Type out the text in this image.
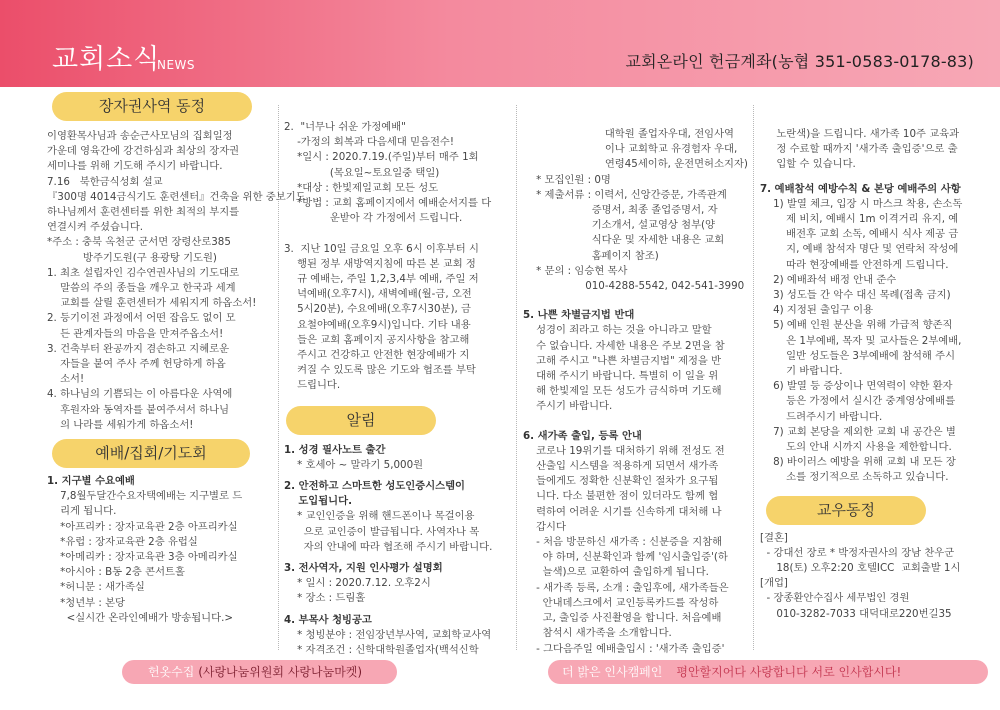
교회소식
NEWS	교회온라인 헌금계좌(농협 351-0583-0178-83)
장자권사역 동정
이영환목사님과 송순근사모님의 집회일정
가운데 영육간에 강건하심과 최상의 장자권
세미나를 위해 기도해 주시기 바랍니다.
7.16   북한금식성회 설교
『300명 4014금식기도 훈련센터』건축을 위한 중보기도
하나님께서 훈련센터를 위한 최적의 부지를
연결시켜 주셨습니다.
*주소 : 충북 옥천군 군서면 장령산로385
방주기도원(구 용광탕 기도원)
1. 최초 설립자인 김수연권사님의 기도대로
말씀의 주의 종들을 깨우고 한국과 세계
교회를 살릴 훈련센터가 세워지게 하옵소서!
2. 등기이전 과정에서 어떤 잡음도 없이 모
든 관계자들의 마음을 만져주옵소서!
3. 건축부터 완공까지 겸손하고 지혜로운
자들을 붙여 주사 주께 헌당하게 하옵
소서!
4. 하나님의 기쁨되는 이 아름다운 사역에
후원자와 동역자를 붙여주셔서 하나님
의 나라를 세워가게 하옵소서!
예배/집회/기도회
1. 지구별 수요예배
7,8월두달간수요자택예배는 지구별로 드
리게 됩니다.
*아프리카 : 장자교육관 2층 아프리카실
*유럽 : 장자교육관 2층 유럽실
*아메리카 : 장자교육관 3층 아메리카실
*아시아 : B동 2층 콘서트홀
*허니문 : 새가족실
*청년부 : 본당
<실시간 온라인예배가 방송됩니다.>
2.  "너무나 쉬운 가정예배"
-가정의 회복과 다음세대 믿음전수!
*일시 : 2020.7.19.(주일)부터 매주 1회
(목요일~토요일중 택일)
*대상 : 한빛제일교회 모든 성도
*방법 : 교회 홈페이지에서 예배순서지를 다
운받아 각 가정에서 드립니다.
3.  지난 10일 금요일 오후 6시 이후부터 시
행된 정부 새방역지침에 따른 본 교회 정
규 예배는, 주일 1,2,3,4부 예배, 주일 저
녁예배(오후7시), 새벽예배(월-금, 오전
5시20분), 수요예배(오후7시30분), 금
요철야예배(오후9시)입니다. 기타 내용
들은 교회 홈페이지 공지사항을 참고해
주시고 건강하고 안전한 현장예배가 지
켜질 수 있도록 많은 기도와 협조를 부탁
드립니다.
알림
1. 성경 필사노트 출간
* 호세아 ~ 말라기 5,000원
2. 안전하고 스마트한 성도인증시스템이
도입됩니다.
* 교인인증을 위해 핸드폰이나 목걸이용
으로 교인증이 발급됩니다. 사역자나 목
자의 안내에 따라 협조해 주시기 바랍니다.
3. 전사역자, 지원 인사평가 설명회
* 일시 : 2020.7.12. 오후2시
* 장소 : 드림홀
4. 부목사 청빙공고
* 청빙분야 : 전임장년부사역, 교회학교사역
* 자격조건 : 신학대학원졸업자(백석신학
대학원 졸업자우대, 전임사역
이나 교회학교 유경험자 우대,
연령45세이하, 운전면허소지자)
* 모집인원 : 0명
* 제출서류 : 이력서, 신앙간증문, 가족관계
증명서, 최종 졸업증명서, 자
기소개서, 설교영상 첨부(양
식다운 및 자세한 내용은 교회
홈페이지 참조)
* 문의 : 임승현 목사
010-4288-5542, 042-541-3990
5. 나쁜 차별금지법 반대
성경이 죄라고 하는 것을 아니라고 말할
수 없습니다. 자세한 내용은 주보 2면을 참
고해 주시고 "나쁜 차별금지법" 제정을 반
대해 주시기 바랍니다. 특별히 이 일을 위
해 한빛제일 모든 성도가 금식하며 기도해
주시기 바랍니다.
6. 새가족 출입, 등록 안내
코로나 19위기를 대처하기 위해 전성도 전
산출입 시스템을 적용하게 되면서 새가족
들에게도 정확한 신분확인 절차가 요구됩
니다. 다소 불편한 점이 있더라도 함께 협
력하여 어려운 시기를 신속하게 대처해 나
갑시다
- 처음 방문하신 새가족 : 신분증을 지참해
야 하며, 신분확인과 함께 '임시출입증'(하
늘색)으로 교환하여 출입하게 됩니다.
- 새가족 등록, 소개 : 출입후에, 새가족들은
안내데스크에서 교인등록카드를 작성하
고, 출입증 사진촬영을 합니다. 처음예배
참석시 새가족을 소개합니다.
- 그다음주일 예배출입시 : '새가족 출입증'
노란색)을 드립니다. 새가족 10주 교육과
정 수료할 때까지 '새가족 출입증'으로 출
입할 수 있습니다.
7. 예배참석 예방수칙 & 본당 예배주의 사항
1) 발열 체크, 입장 시 마스크 착용, 손소독
제 비치, 예배시 1m 이격거리 유지, 예
배전후 교회 소독, 예배시 식사 제공 금
지, 예배 참석자 명단 및 연락처 작성에
따라 현장예배를 안전하게 드립니다.
2) 예배좌석 배정 안내 준수
3) 성도들 간 악수 대신 목례(접촉 금지)
4) 지정된 출입구 이용
5) 예배 인원 분산을 위해 가급적 향존직
은 1부예배, 목자 및 교사들은 2부예배,
일반 성도들은 3부예배에 참석해 주시
기 바랍니다.
6) 발열 등 증상이나 면역력이 약한 환자
등은 가정에서 실시간 중계영상예배를
드려주시기 바랍니다.
7) 교회 본당을 제외한 교회 내 공간은 별
도의 안내 시까지 사용을 제한합니다.
8) 바이러스 예방을 위해 교회 내 모든 장
소를 정기적으로 소독하고 있습니다.
교우동정
[결혼]
- 강대선 장로 * 박정자권사의 장남 찬우군
18(토) 오후2:20 호텔ICC  교회출발 1시
[개업]
- 장종환안수집사 세무법인 경원
010-3282-7033 대덕대로220번길35
헌옷수집 (사랑나눔위원회 사랑나눔마켓)	더 밝은 인사캠페인 평안할지어다 사랑합니다 서로 인사합시다!
